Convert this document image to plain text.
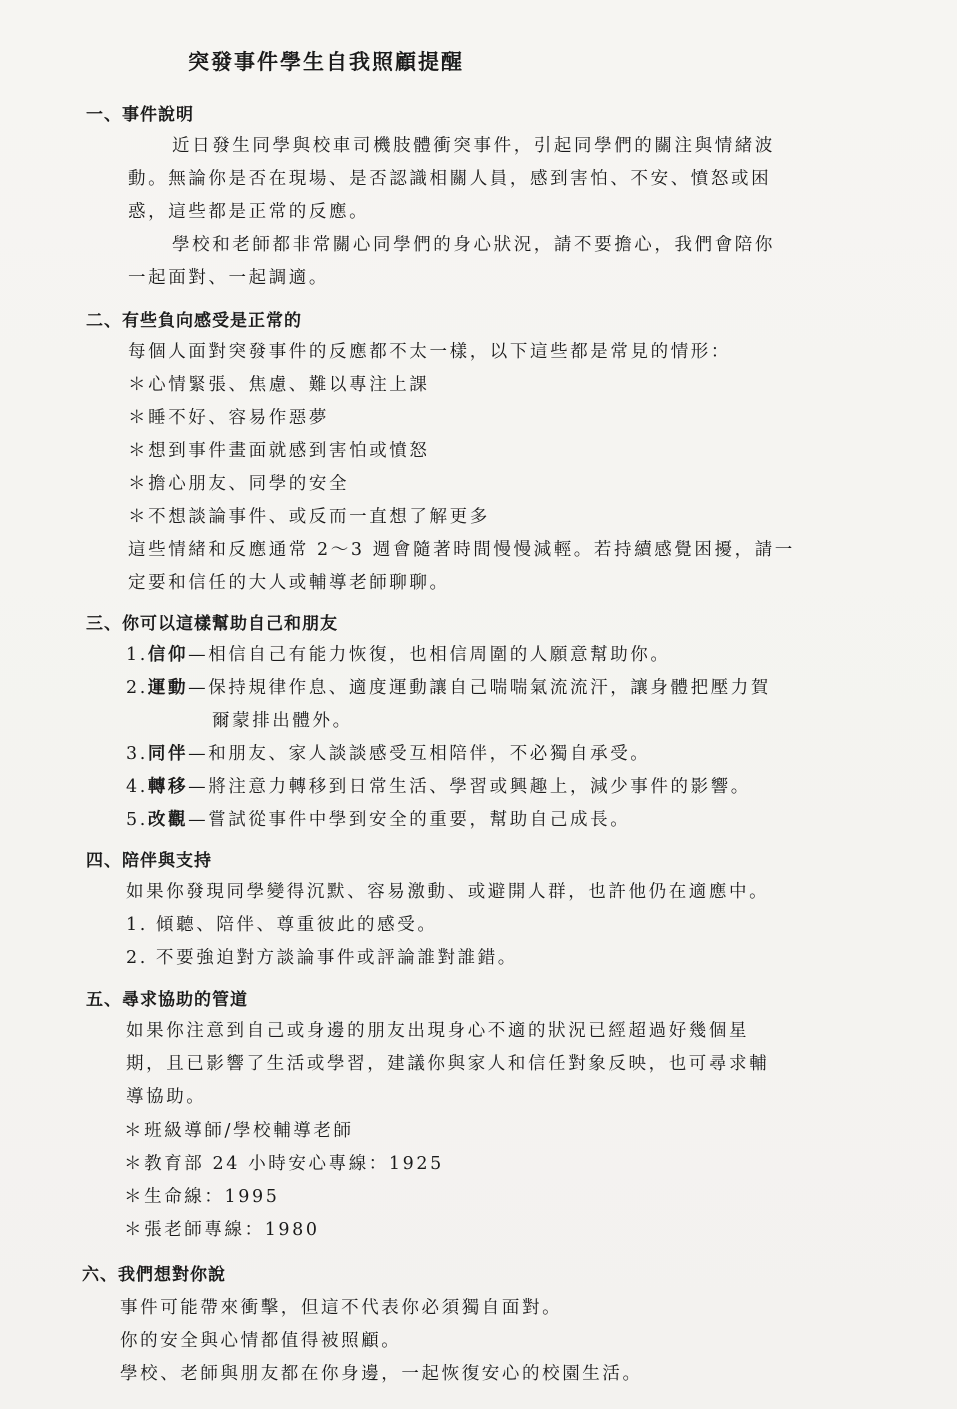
突發事件學生自我照顧提醒
一、事件說明
近日發生同學與校車司機肢體衝突事件，引起同學們的關注與情緒波
動。無論你是否在現場、是否認識相關人員，感到害怕、不安、憤怒或困
惑，這些都是正常的反應。
學校和老師都非常關心同學們的身心狀況，請不要擔心，我們會陪你
一起面對、一起調適。
二、有些負向感受是正常的
每個人面對突發事件的反應都不太一樣，以下這些都是常見的情形：
＊心情緊張、焦慮、難以專注上課
＊睡不好、容易作惡夢
＊想到事件畫面就感到害怕或憤怒
＊擔心朋友、同學的安全
＊不想談論事件、或反而一直想了解更多
這些情緒和反應通常 2～3 週會隨著時間慢慢減輕。若持續感覺困擾，請一
定要和信任的大人或輔導老師聊聊。
三、你可以這樣幫助自己和朋友
1.信仰—相信自己有能力恢復，也相信周圍的人願意幫助你。
2.運動—保持規律作息、適度運動讓自己喘喘氣流流汗，讓身體把壓力賀
爾蒙排出體外。
3.同伴—和朋友、家人談談感受互相陪伴，不必獨自承受。
4.轉移—將注意力轉移到日常生活、學習或興趣上，減少事件的影響。
5.改觀—嘗試從事件中學到安全的重要，幫助自己成長。
四、陪伴與支持
如果你發現同學變得沉默、容易激動、或避開人群，也許他仍在適應中。
1. 傾聽、陪伴、尊重彼此的感受。
2. 不要強迫對方談論事件或評論誰對誰錯。
五、尋求協助的管道
如果你注意到自己或身邊的朋友出現身心不適的狀況已經超過好幾個星
期，且已影響了生活或學習，建議你與家人和信任對象反映，也可尋求輔
導協助。
＊班級導師/學校輔導老師
＊教育部 24 小時安心專線：1925
＊生命線：1995
＊張老師專線：1980
六、我們想對你說
事件可能帶來衝擊，但這不代表你必須獨自面對。
你的安全與心情都值得被照顧。
學校、老師與朋友都在你身邊，一起恢復安心的校園生活。
